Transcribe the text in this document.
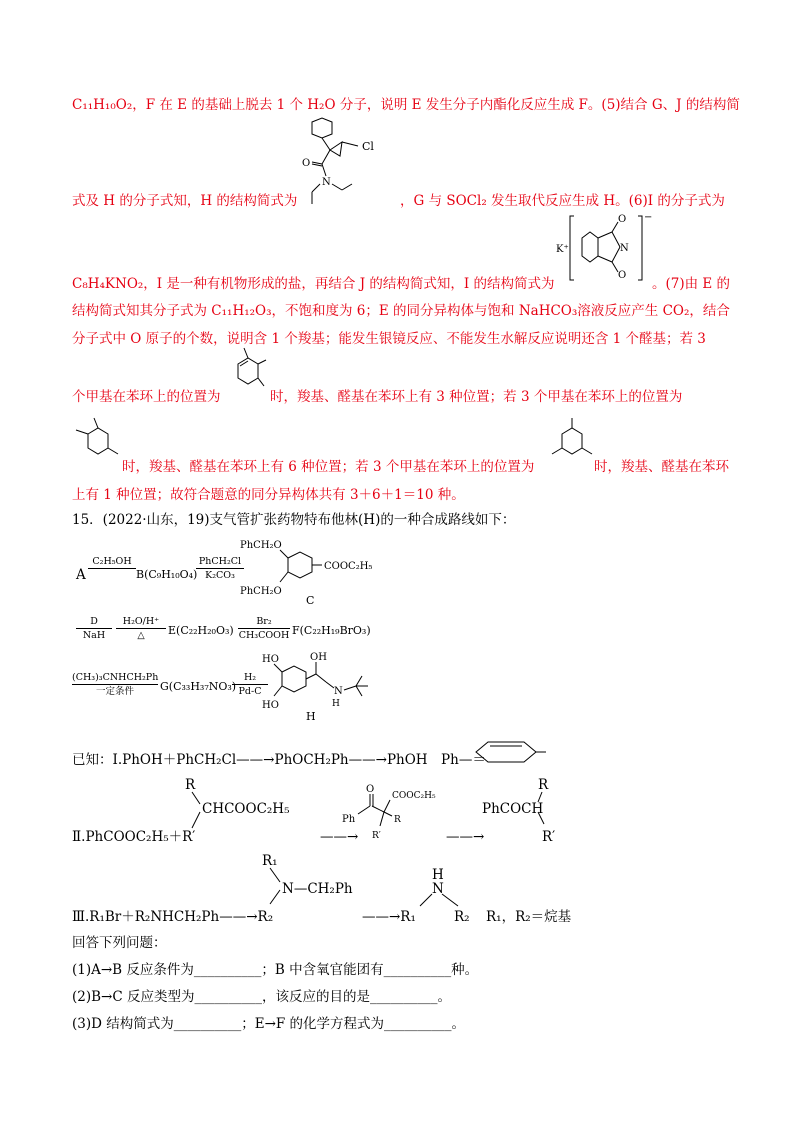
C₁₁H₁₀O₂，F 在 E 的基础上脱去 1 个 H₂O 分子，说明 E 发生分子内酯化反应生成 F。(5)结合 G、J 的结构简
Cl
O
N
式及 H 的分子式知，H 的结构简式为	，G 与 SOCl₂ 发生取代反应生成 H。(6)I 的分子式为
K⁺
−
O
O
N
C₈H₄KNO₂，I 是一种有机物形成的盐，再结合 J 的结构简式知，I 的结构简式为	。(7)由 E 的
结构简式知其分子式为 C₁₁H₁₂O₃，不饱和度为 6；E 的同分异构体与饱和 NaHCO₃溶液反应产生 CO₂，结合
分子式中 O 原子的个数，说明含 1 个羧基；能发生银镜反应、不能发生水解反应说明还含 1 个醛基；若 3
个甲基在苯环上的位置为	时，羧基、醛基在苯环上有 3 种位置；若 3 个甲基在苯环上的位置为
时，羧基、醛基在苯环上有 6 种位置；若 3 个甲基在苯环上的位置为	时，羧基、醛基在苯环
上有 1 种位置；故符合题意的同分异构体共有 3＋6＋1＝10 种。
15．(2022·山东，19)支气管扩张药物特布他林(H)的一种合成路线如下：
A
C₂H₅OH

B(C₉H₁₀O₄)
PhCH₂Cl
K₂CO₃
PhCH₂O
COOC₂H₅
PhCH₂O
C
D
NaH
H₂O/H⁺
△	E(C₂₂H₂₀O₃)
Br₂
CH₃COOH F(C₂₂H₁₉BrO₃)
(CH₃)₃CNHCH₂Ph
一定条件	G(C₃₃H₃₇NO₃)
H₂
Pd-C
HO
HO
OH
N
H
H
已知：Ⅰ.PhOH＋PhCH₂Cl——→PhOCH₂Ph——→PhOH　Ph—＝
R
CHCOOC₂H₅
Ⅱ.PhCOOC₂H₅＋R′	——→
O
Ph
COOC₂H₅
R
R′	——→
R
PhCOCH
R′
R₁
N—CH₂Ph
Ⅲ.R₁Br＋R₂NHCH₂Ph——→R₂	——→R₁
H
N
R₂ R₁，R₂＝烷基
回答下列问题：
(1)A→B 反应条件为__________；B 中含氧官能团有__________种。
(2)B→C 反应类型为__________，该反应的目的是__________。
(3)D 结构简式为__________；E→F 的化学方程式为__________。
